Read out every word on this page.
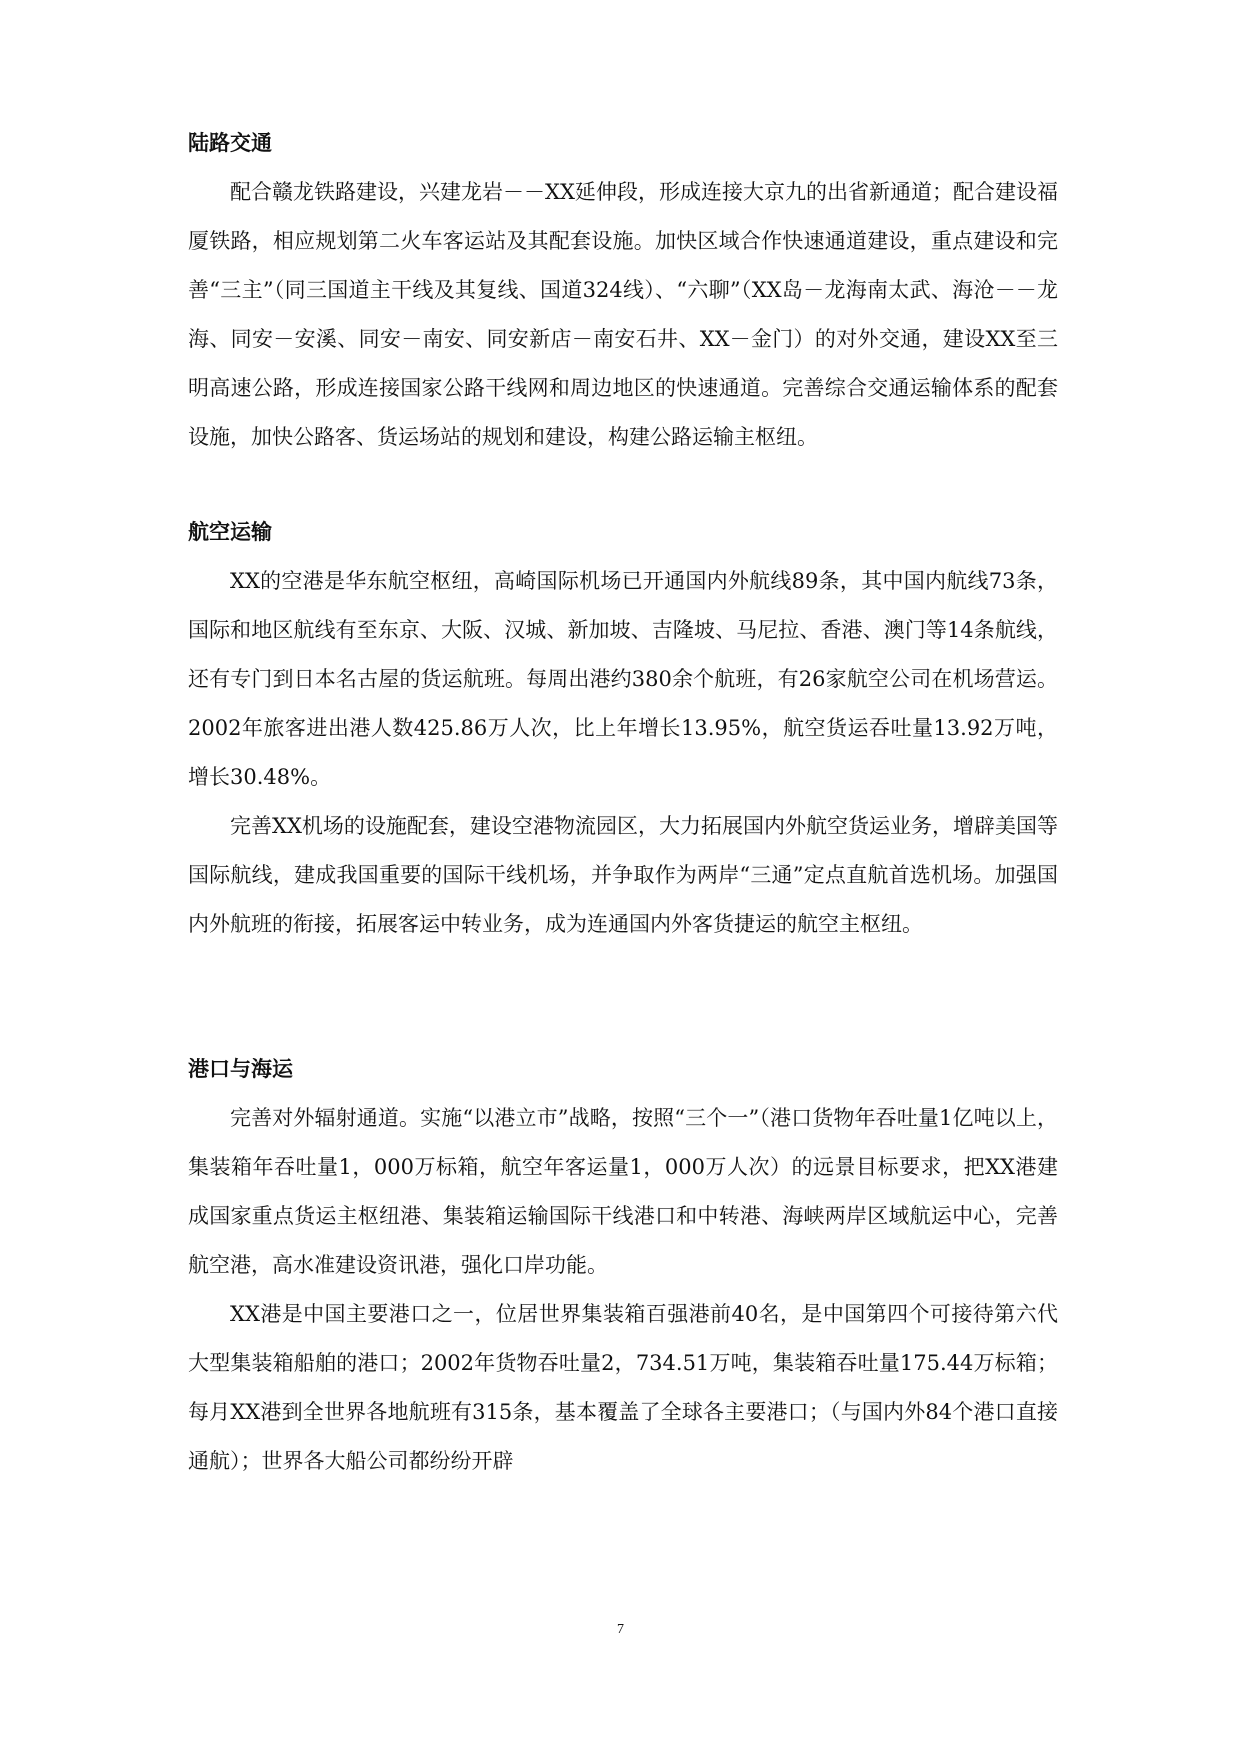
陆路交通

配合赣龙铁路建设，兴建龙岩－－XX延伸段，形成连接大京九的出省新通道；配合建设福厦铁路，相应规划第二火车客运站及其配套设施。加快区域合作快速通道建设，重点建设和完善“三主”（同三国道主干线及其复线、国道324线）、“六聊”（XX岛－龙海南太武、海沧－－龙海、同安－安溪、同安－南安、同安新店－南安石井、XX－金门）的对外交通，建设XX至三明高速公路，形成连接国家公路干线网和周边地区的快速通道。完善综合交通运输体系的配套设施，加快公路客、货运场站的规划和建设，构建公路运输主枢纽。

航空运输

XX的空港是华东航空枢纽，高崎国际机场已开通国内外航线89条，其中国内航线73条，国际和地区航线有至东京、大阪、汉城、新加坡、吉隆坡、马尼拉、香港、澳门等14条航线，还有专门到日本名古屋的货运航班。每周出港约380余个航班，有26家航空公司在机场营运。2002年旅客进出港人数425.86万人次，比上年增长13.95%，航空货运吞吐量13.92万吨，增长30.48%。

完善XX机场的设施配套，建设空港物流园区，大力拓展国内外航空货运业务，增辟美国等国际航线，建成我国重要的国际干线机场，并争取作为两岸“三通”定点直航首选机场。加强国内外航班的衔接，拓展客运中转业务，成为连通国内外客货捷运的航空主枢纽。

港口与海运

完善对外辐射通道。实施“以港立市”战略，按照“三个一”（港口货物年吞吐量1亿吨以上，集装箱年吞吐量1，000万标箱，航空年客运量1，000万人次）的远景目标要求，把XX港建成国家重点货运主枢纽港、集装箱运输国际干线港口和中转港、海峡两岸区域航运中心，完善航空港，高水准建设资讯港，强化口岸功能。

XX港是中国主要港口之一，位居世界集装箱百强港前40名，是中国第四个可接待第六代大型集装箱船舶的港口；2002年货物吞吐量2，734.51万吨，集装箱吞吐量175.44万标箱；每月XX港到全世界各地航班有315条，基本覆盖了全球各主要港口；（与国内外84个港口直接通航）；世界各大船公司都纷纷开辟

7
